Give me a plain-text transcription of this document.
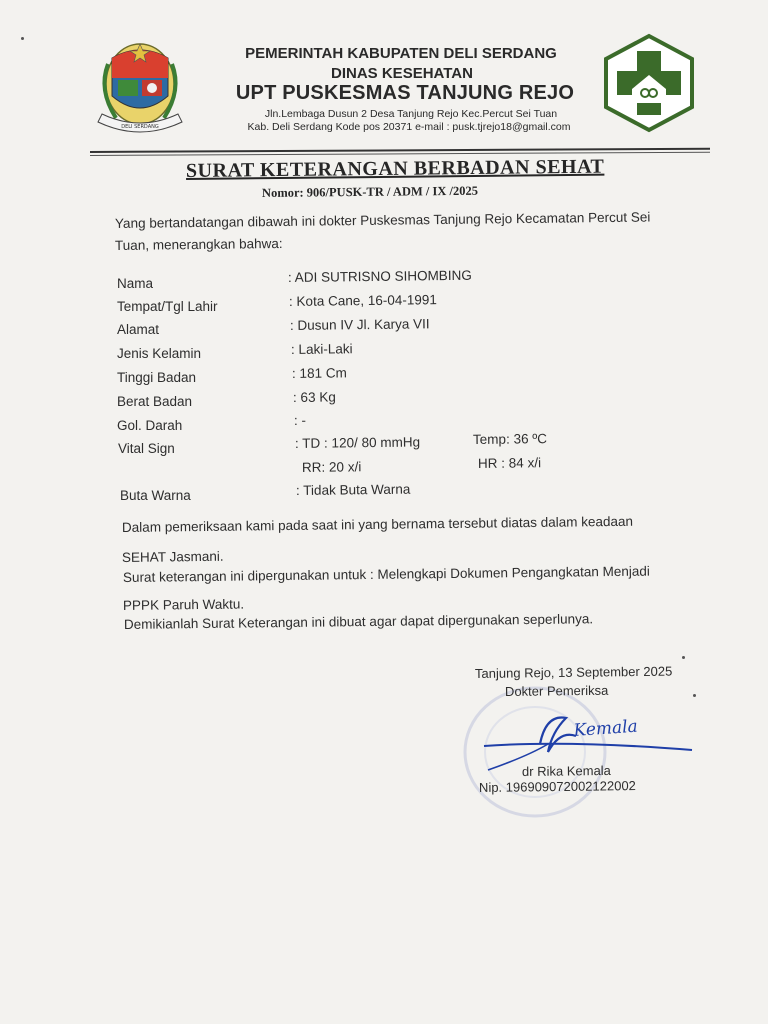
DELI SERDANG
PEMERINTAH KABUPATEN DELI SERDANG
DINAS KESEHATAN
UPT PUSKESMAS TANJUNG REJO
Jln.Lembaga Dusun 2 Desa Tanjung Rejo Kec.Percut Sei Tuan
Kab. Deli Serdang Kode pos 20371 e-mail : pusk.tjrejo18@gmail.com
SURAT KETERANGAN BERBADAN SEHAT
Nomor: 906/PUSK-TR / ADM / IX /2025
Yang bertandatangan dibawah ini dokter Puskesmas Tanjung Rejo Kecamatan Percut Sei
Tuan, menerangkan bahwa:
Nama
Tempat/Tgl Lahir
Alamat
Jenis Kelamin
Tinggi Badan
Berat Badan
Gol. Darah
Vital Sign
Buta Warna
: ADI SUTRISNO SIHOMBING
: Kota Cane, 16-04-1991
: Dusun IV Jl. Karya VII
: Laki-Laki
: 181 Cm
: 63 Kg
: -
: TD : 120/ 80 mmHg	Temp: 36 ºC
RR: 20 x/i	HR : 84 x/i
: Tidak Buta Warna
Dalam pemeriksaan kami pada saat ini yang bernama tersebut diatas dalam keadaan
SEHAT Jasmani.
Surat keterangan ini dipergunakan untuk : Melengkapi Dokumen Pengangkatan Menjadi
PPPK Paruh Waktu.
Demikianlah Surat Keterangan ini dibuat agar dapat dipergunakan seperlunya.
Tanjung Rejo, 13 September 2025
Dokter Pemeriksa
Kemala
dr Rika Kemala
Nip. 196909072002122002
